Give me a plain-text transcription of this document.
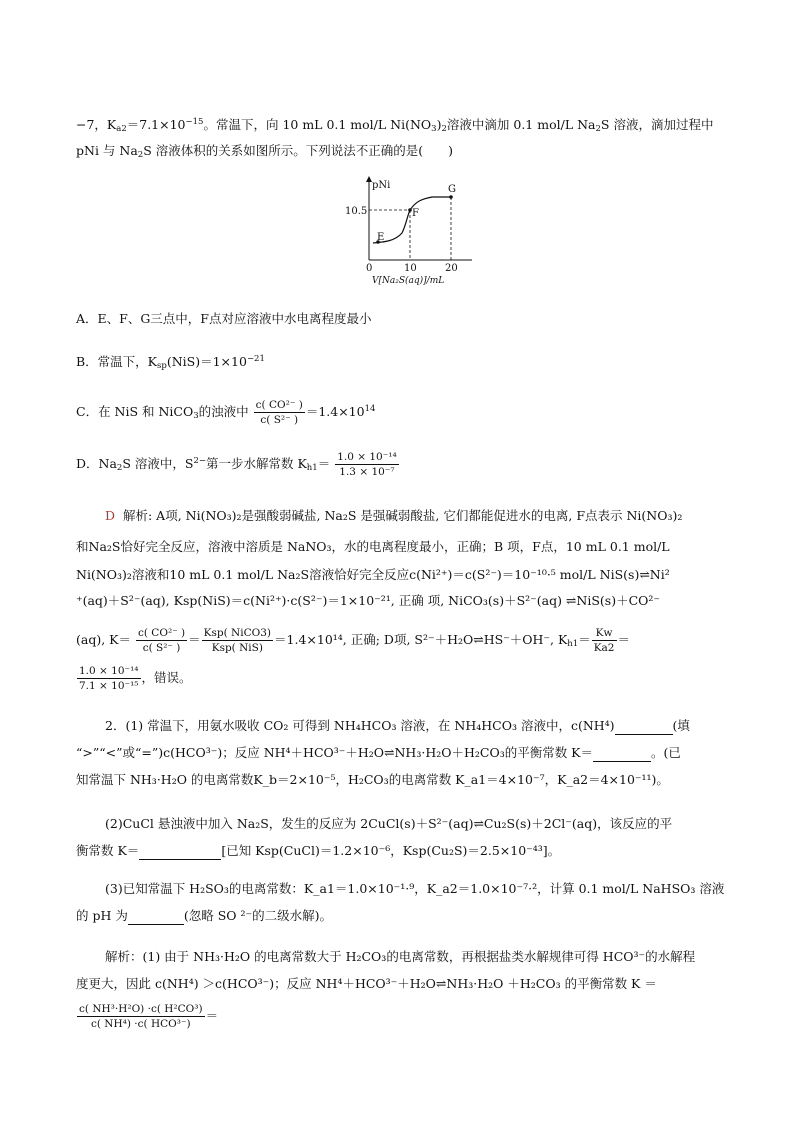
−7，$K_{a2}=7.1\times 10^{-15}$。常温下，向 10 mL 0.1 mol/L $Ni(NO_3)_2$溶液中滴加 0.1 mol/L $Na_2S$ 溶液，滴加过程中
pNi 与 $Na_2S$ 溶液体积的关系如图所示。下列说法不正确的是(　　)
pNi
10.5
E
F
G
0	10	20
V[Na₂S(aq)]/mL
A．E、F、G三点中，F点对应溶液中水电离程度最小
B．常温下，$K_{sp}(NiS)=1\times 10^{-21}$
C．在 NiS 和 NiCO$_3$的浊液中 $\frac{\text{c( CO²⁻ )}}{\text{c( S²⁻ )}} =1.4\times 10^{14}$
D．$Na_2S$ 溶液中，$S^{2-}$第一步水解常数 $K_{h1}= \frac{\text{1.0 × 10⁻¹⁴}}{\text{1.3 × 10⁻⁷}}$
D 解析: A项, Ni(NO₃)₂是强酸弱碱盐, Na₂S 是强碱弱酸盐, 它们都能促进水的电离, F点表示 Ni(NO₃)₂
和Na₂S恰好完全反应，溶液中溶质是 NaNO₃，水的电离程度最小，正确；B 项，F点，10 mL 0.1 mol/L
Ni(NO₃)₂溶液和10 mL 0.1 mol/L Na₂S溶液恰好完全反应c(Ni²⁺)＝c(S²⁻)＝10⁻¹⁰·⁵ mol/L NiS(s)⇌Ni²
⁺(aq)＋S²⁻(aq), Ksp(NiS)＝c(Ni²⁺)·c(S²⁻)＝1×10⁻²¹, 正确 项, NiCO₃(s)＋S²⁻(aq) ⇌NiS(s)＋CO²⁻
(aq), $K= \frac{\text{c( CO²⁻ )}}{\text{c( S²⁻ )}} = \frac{\text{Ksp( NiCO3)}}{\text{Ksp( NiS)}} =1.4\times 10^{14}$, 正确; D项, S²⁻＋H₂O⇌HS⁻＋OH⁻, $K_{h1}= \frac{Kw}{Ka2}$ ＝
$\frac{\text{1.0 × 10⁻¹⁴}}{\text{7.1 × 10⁻¹⁵}}$ ，错误。
2．(1) 常温下，用氨水吸收 CO₂ 可得到 NH₄HCO₃ 溶液，在 NH₄HCO₃ 溶液中，c(NH⁴)	(填
“>”“<”或“=”)c(HCO³⁻)；反应 NH⁴＋HCO³⁻＋H₂O⇌NH₃·H₂O＋H₂CO₃的平衡常数 K＝	。(已
知常温下 NH₃·H₂O 的电离常数K_b＝2×10⁻⁵，H₂CO₃的电离常数 K_a1＝4×10⁻⁷，K_a2＝4×10⁻¹¹)。
(2)CuCl 悬浊液中加入 Na₂S，发生的反应为 2CuCl(s)＋S²⁻(aq)⇌Cu₂S(s)＋2Cl⁻(aq)，该反应的平
衡常数 K＝	[已知 Ksp(CuCl)＝1.2×10⁻⁶，Ksp(Cu₂S)＝2.5×10⁻⁴³]。
(3)已知常温下 H₂SO₃的电离常数：K_a1＝1.0×10⁻¹·⁹，K_a2＝1.0×10⁻⁷·²，计算 0.1 mol/L NaHSO₃ 溶液
的 pH 为	(忽略 SO ²⁻的二级水解)。
解析：(1) 由于 NH₃·H₂O 的电离常数大于 H₂CO₃的电离常数，再根据盐类水解规律可得 HCO³⁻的水解程
度更大，因此 c(NH⁴) ＞c(HCO³⁻)；反应 NH⁴＋HCO³⁻＋H₂O⇌NH₃·H₂O ＋H₂CO₃ 的平衡常数 K ＝
$\frac{\text{c( NH³·H²O) ·c( H²CO³)}}{\text{c( NH⁴) ·c( HCO³⁻)}}$ ＝
